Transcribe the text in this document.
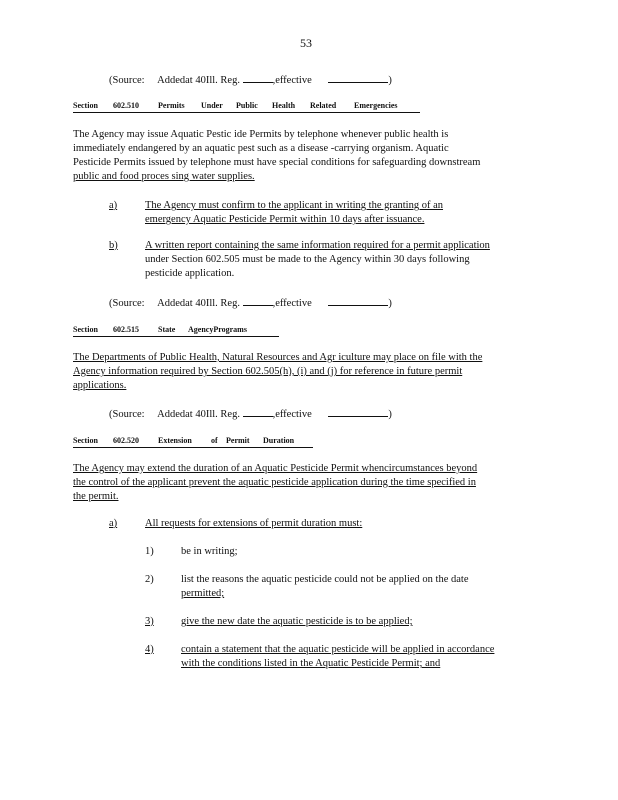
53
(Source: Addedat 40Ill. Reg.	,effective	)
Section 602.510 Permits Under Public Health Related Emergencies
The Agency may issue Aquatic Pestic ide Permits by telephone whenever public health is
immediately endangered by an aquatic pest such as a disease -carrying organism. Aquatic
Pesticide Permits issued by telephone must have special conditions for safeguarding downstream
public and food proces sing water supplies.
a)	The Agency must confirm to the applicant in writing the granting of an
emergency Aquatic Pesticide Permit within 10 days after issuance.
b)	A written report containing the same information required for a permit application
under Section 602.505 must be made to the Agency within 30 days following
pesticide application.
(Source: Addedat 40Ill. Reg.	,effective	)
Section 602.515 State AgencyPrograms
The Departments of Public Health, Natural Resources and Agr iculture may place on file with the
Agency information required by Section 602.505(h), (i) and (j) for reference in future permit
applications.
(Source: Addedat 40Ill. Reg.	,effective	)
Section 602.520 Extension of Permit Duration
The Agency may extend the duration of an Aquatic Pesticide Permit whencircumstances beyond
the control of the applicant prevent the aquatic pesticide application during the time specified in
the permit.
a)	All requests for extensions of permit duration must:
1)	be in writing;
2)	list the reasons the aquatic pesticide could not be applied on the date
permitted;
3)	give the new date the aquatic pesticide is to be applied;
4)	contain a statement that the aquatic pesticide will be applied in accordance
with the conditions listed in the Aquatic Pesticide Permit; and
